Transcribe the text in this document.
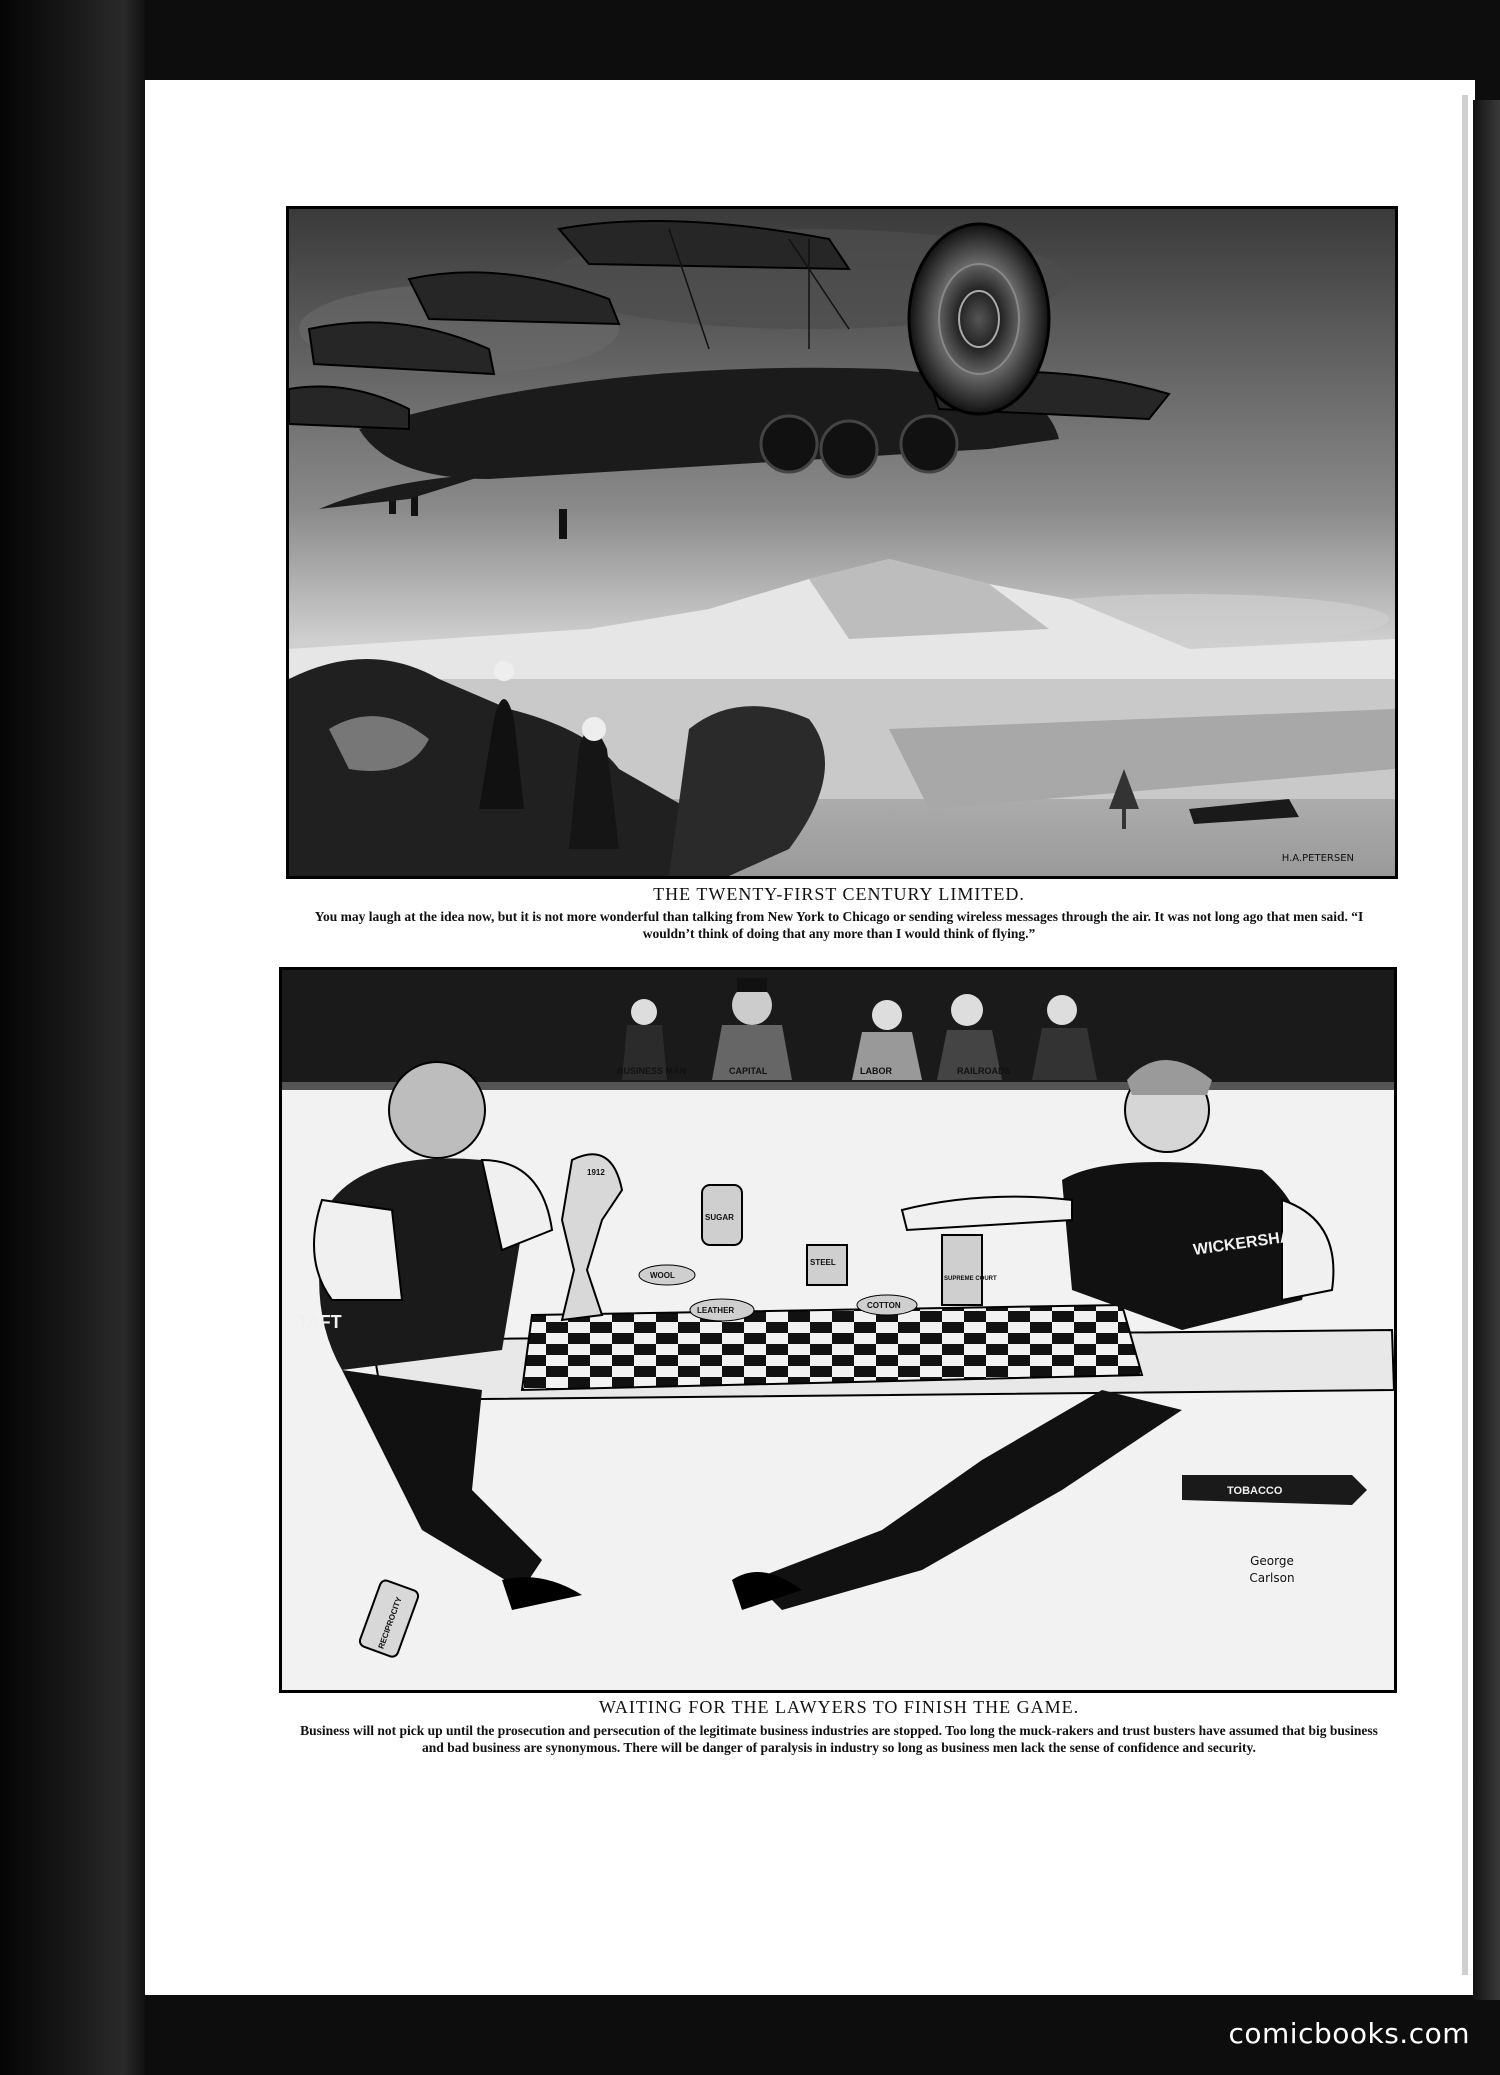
H.A.PETERSEN

THE TWENTY-FIRST CENTURY LIMITED.

You may laugh at the idea now, but it is not more wonderful than talking from New York to Chicago or sending wireless messages through the air. It was not long ago that men said. “I wouldn’t think of doing that any more than I would think of flying.”

BUSINESS MAN	CAPITAL	LABOR	RAILROADS
TAFT
WICKERSHAM
1912
SUGAR
WOOL
LEATHER
STEEL
COTTON
SUPREME COURT
RECIPROCITY
TOBACCO
George
Carlson

WAITING FOR THE LAWYERS TO FINISH THE GAME.

Business will not pick up until the prosecution and persecution of the legitimate business industries are stopped. Too long the muck-rakers and trust busters have assumed that big business and bad business are synonymous. There will be danger of paralysis in industry so long as business men lack the sense of confidence and security.

comicbooks.com
